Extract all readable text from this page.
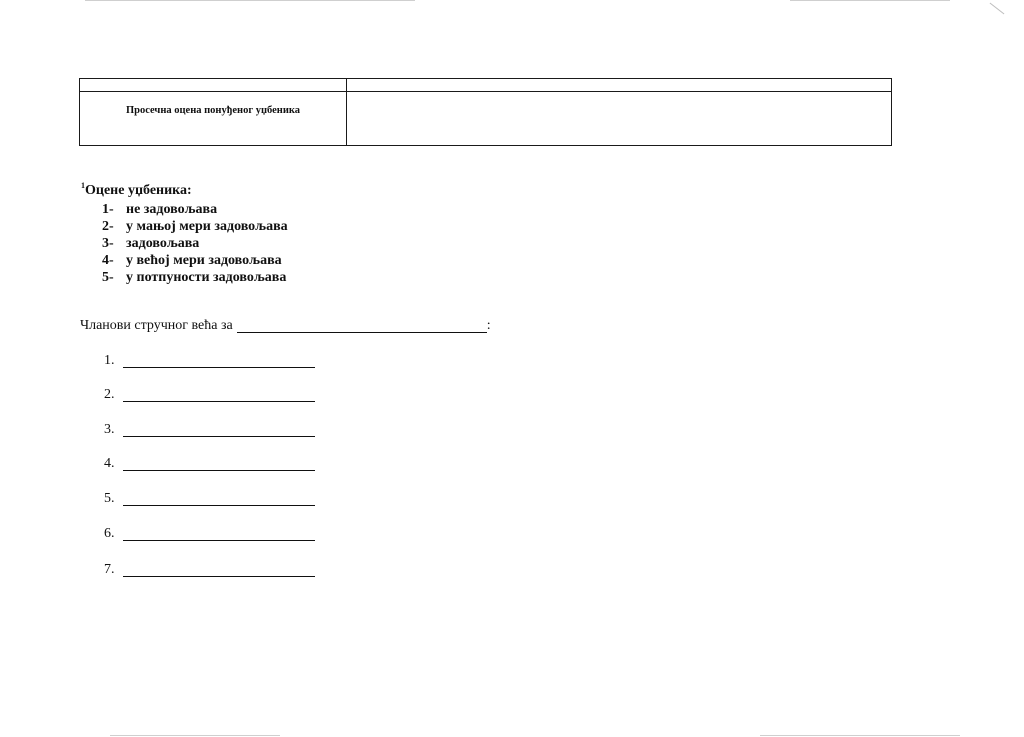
Просечна оцена понуђеног уџбеника
$^1$Оцене уџбеника:
1- не задовољава
2- у мањој мери задовољава
3- задовољава
4- у већој мери задовољава
5- у потпуности задовољава
Чланови стручног већа за	:
1.
2.
3.
4.
5.
6.
7.
